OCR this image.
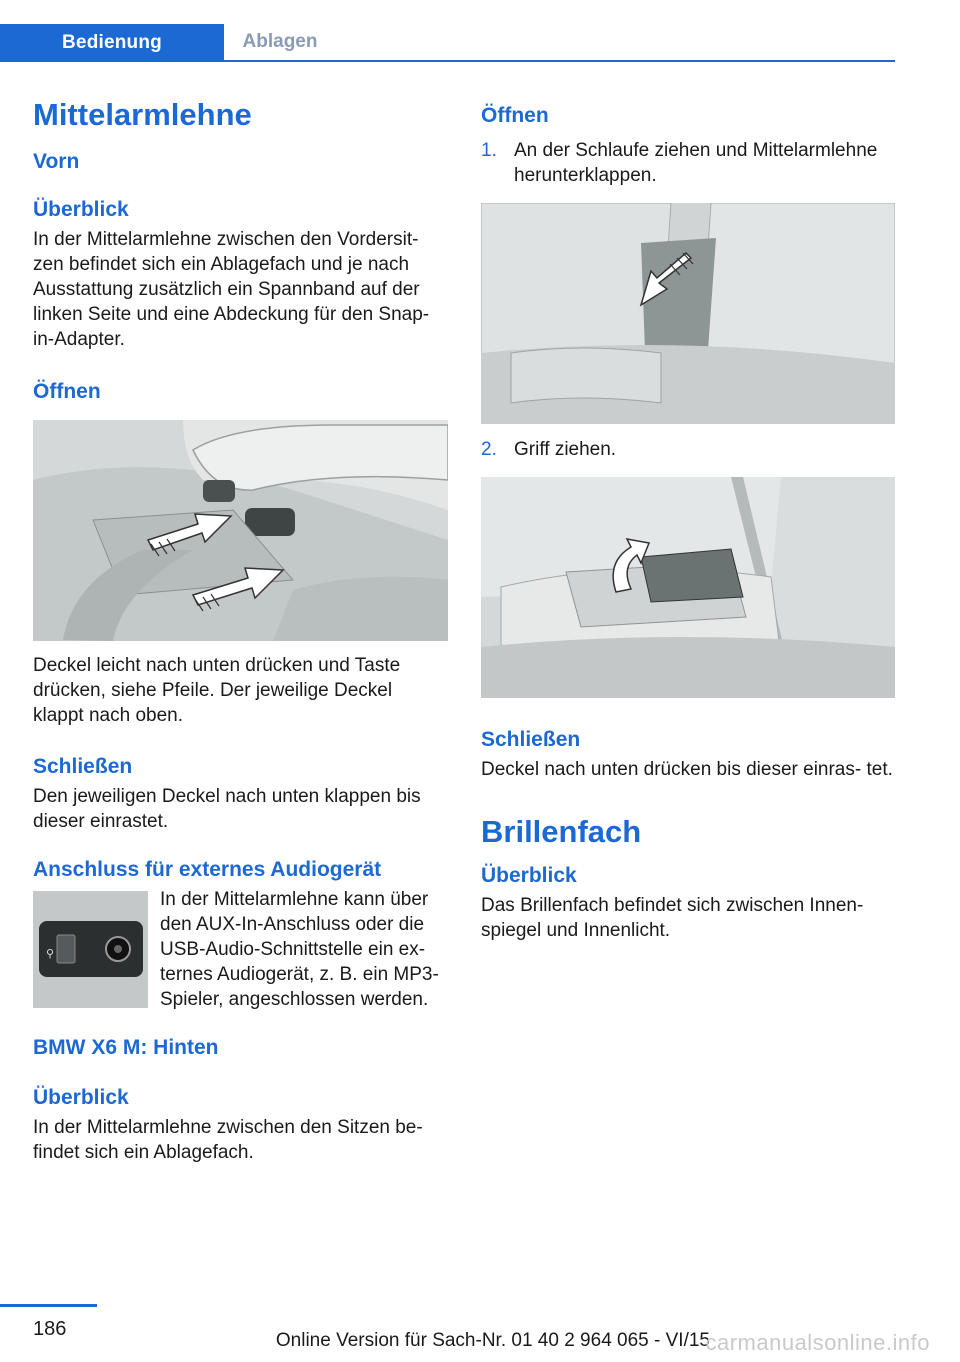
Bedienung	Ablagen
Mittelarmlehne
Vorn
Überblick

In der Mittelarmlehne zwischen den Vordersit‐ zen befindet sich ein Ablagefach und je nach Ausstattung zusätzlich ein Spannband auf der linken Seite und eine Abdeckung für den Snap-in-Adapter.

Öffnen

Deckel leicht nach unten drücken und Taste drücken, siehe Pfeile. Der jeweilige Deckel klappt nach oben.

Schließen

Den jeweiligen Deckel nach unten klappen bis dieser einrastet.

Anschluss für externes Audiogerät
⚲

In der Mittelarmlehne kann über den AUX-In-Anschluss oder die USB-Audio-Schnittstelle ein ex‐ ternes Audiogerät, z. B. ein MP3-Spieler, angeschlossen werden.

BMW X6 M: Hinten
Überblick

In der Mittelarmlehne zwischen den Sitzen be‐ findet sich ein Ablagefach.

Öffnen
1. An der Schlaufe ziehen und Mittelarmlehne herunterklappen.
2. Griff ziehen.
Schließen

Deckel nach unten drücken bis dieser einras‐ tet.

Brillenfach
Überblick

Das Brillenfach befindet sich zwischen Innen‐ spiegel und Innenlicht.

186
Online Version für Sach-Nr. 01 40 2 964 065 - VI/15
carmanualsonline.info
